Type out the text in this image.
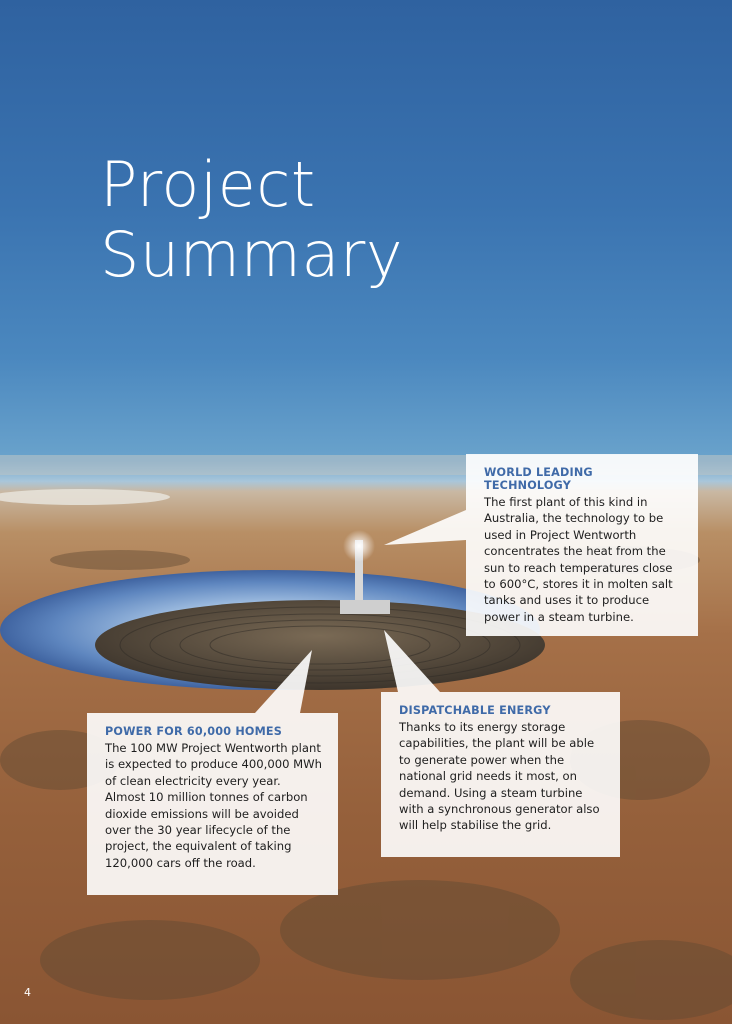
Project
Summary
WORLD LEADING TECHNOLOGY

The first plant of this kind in Australia, the technology to be used in Project Wentworth concentrates the heat from the sun to reach temperatures close to 600°C, stores it in molten salt tanks and uses it to produce power in a steam turbine.

POWER FOR 60,000 HOMES

The 100 MW Project Wentworth plant is expected to produce 400,000 MWh of clean electricity every year. Almost 10 million tonnes of carbon dioxide emissions will be avoided over the 30 year lifecycle of the project, the equivalent of taking 120,000 cars off the road.

DISPATCHABLE ENERGY

Thanks to its energy storage capabilities, the plant will be able to generate power when the national grid needs it most, on demand. Using a steam turbine with a synchronous generator also will help stabilise the grid.

4
